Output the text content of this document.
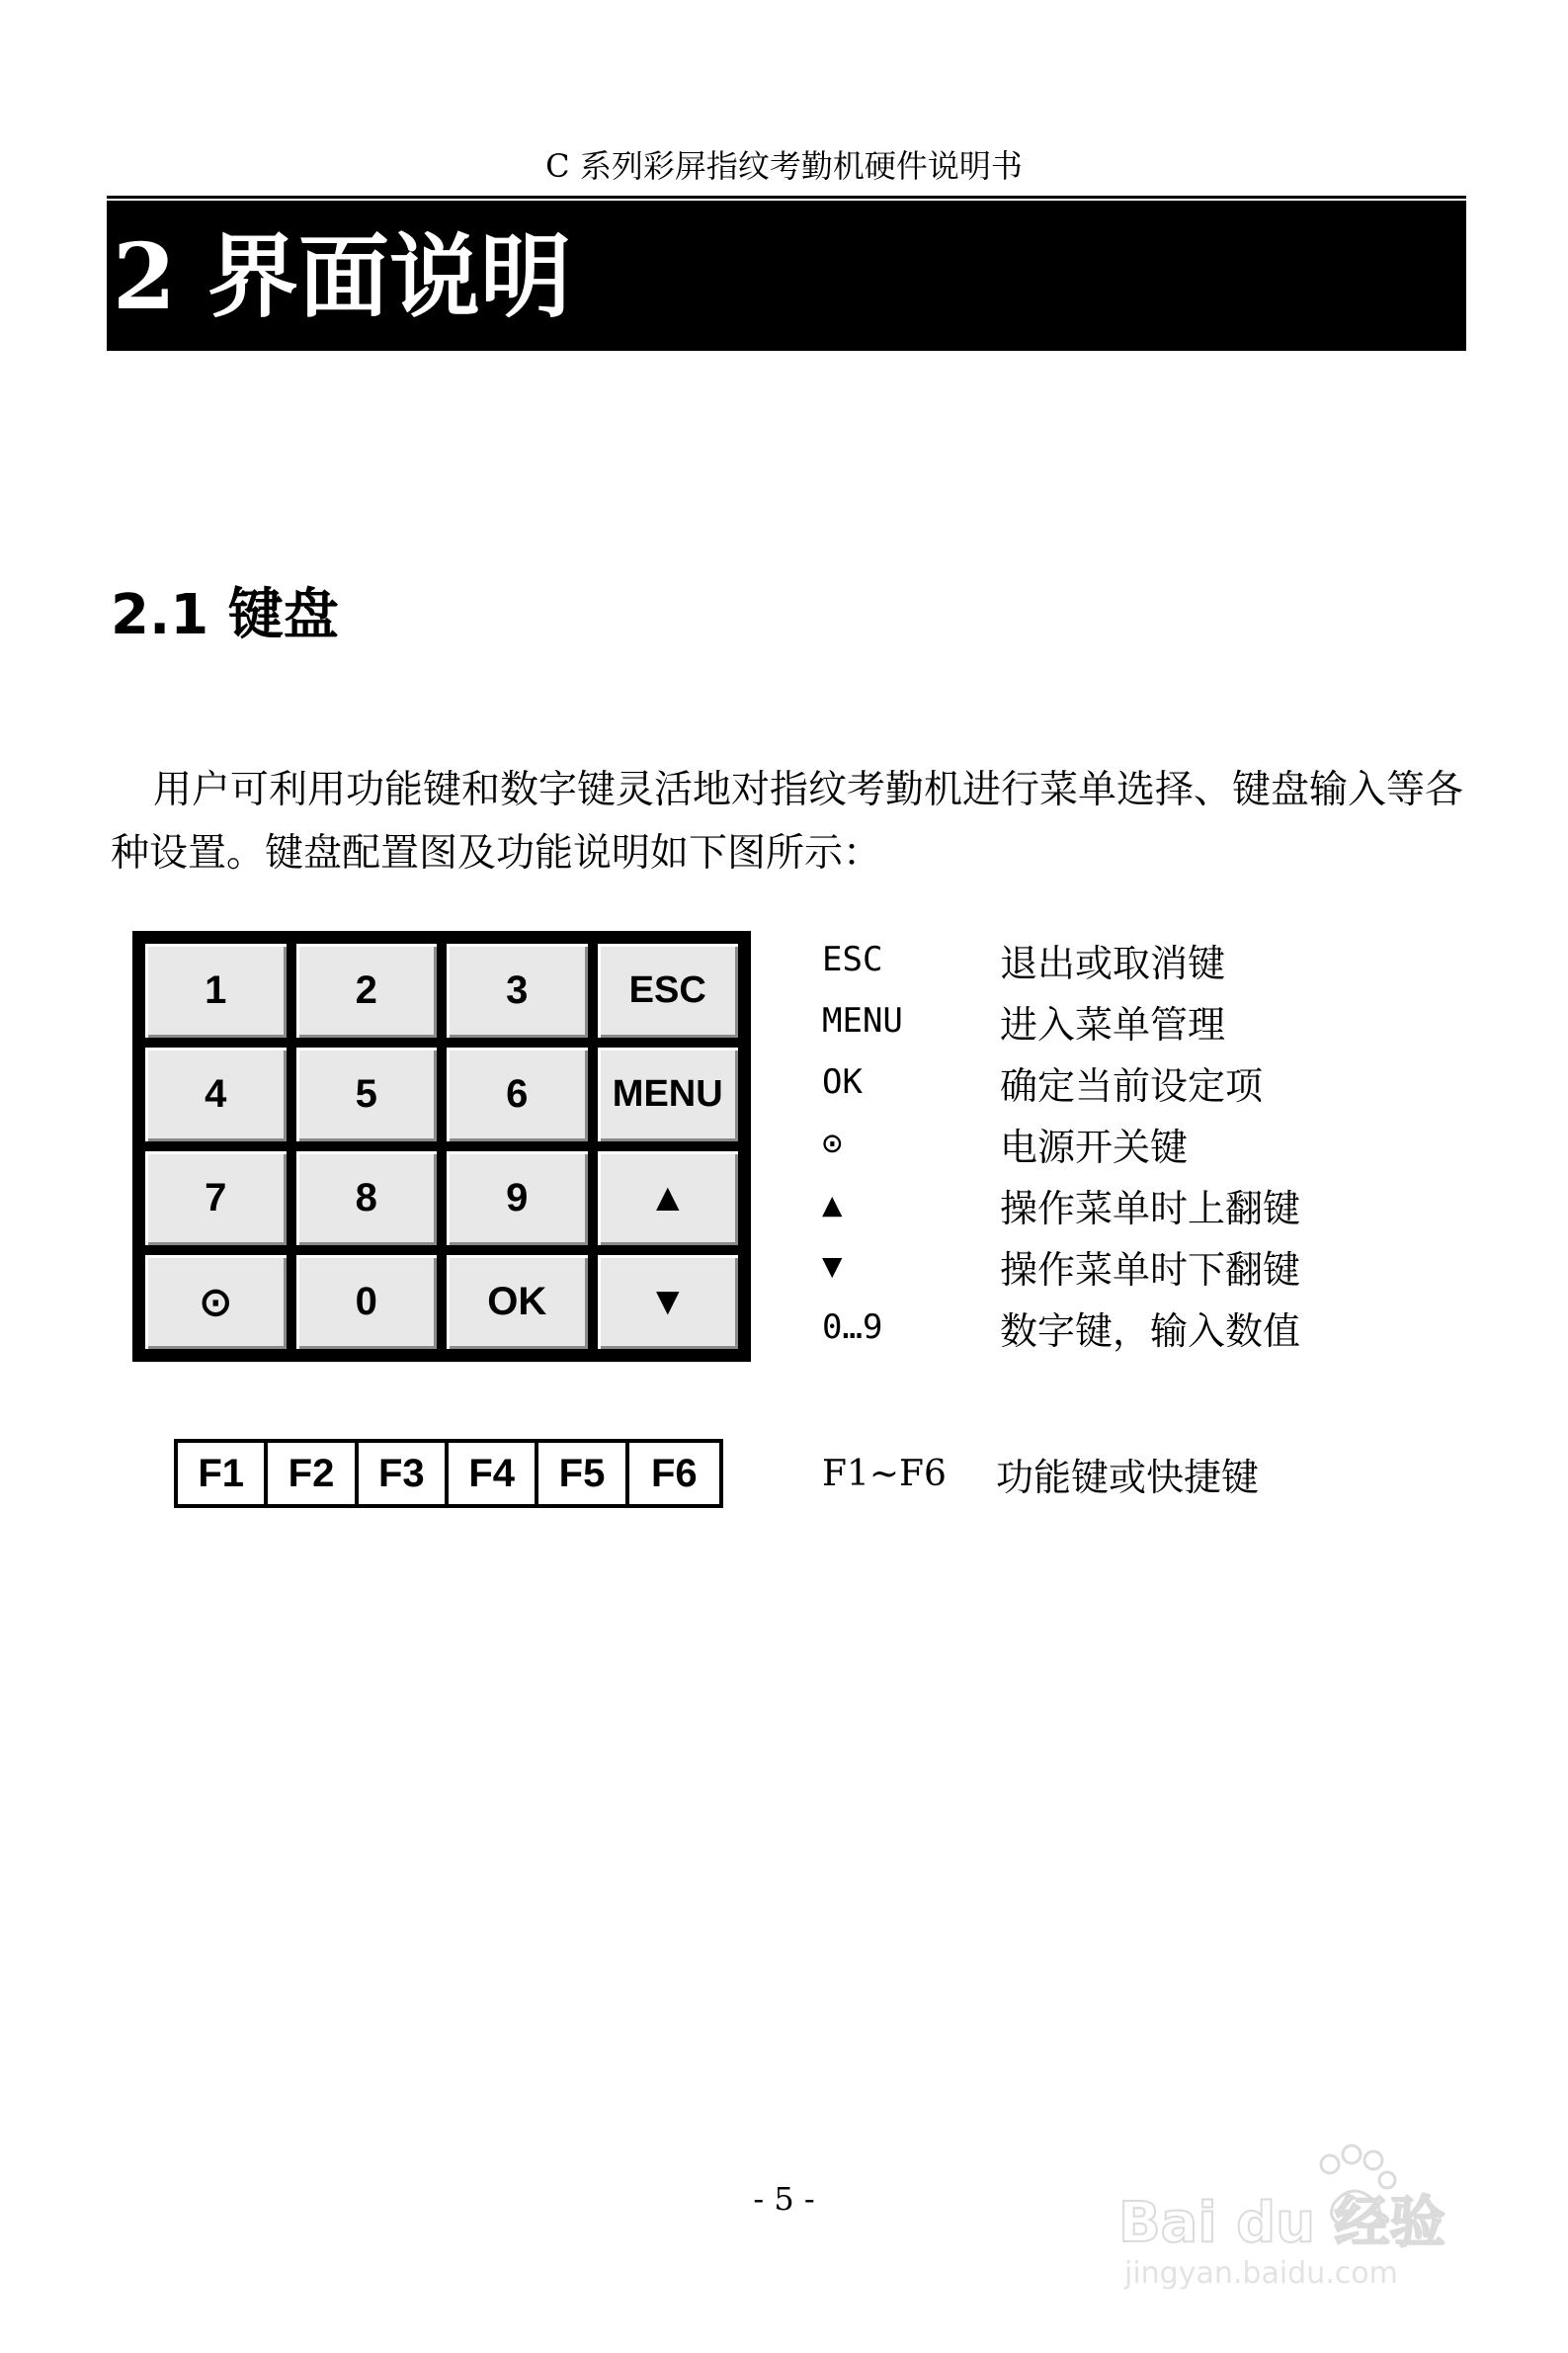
C 系列彩屏指纹考勤机硬件说明书
2 界面说明
2.1 键盘

用户可利用功能键和数字键灵活地对指纹考勤机进行菜单选择、键盘输入等各种设置。键盘配置图及功能说明如下图所示：

1	2	3	ESC
4	5	6	MENU
7	8	9	▲
⊙	0	OK	▼
F1	F2	F3	F4	F5	F6
ESC	退出或取消键
MENU	进入菜单管理
OK	确定当前设定项
⊙	电源开关键
▲	操作菜单时上翻键
▼	操作菜单时下翻键
0…9	数字键，输入数值
F1~F6	功能键或快捷键
- 5 -	Bai du 经验
jingyan.baidu.com
